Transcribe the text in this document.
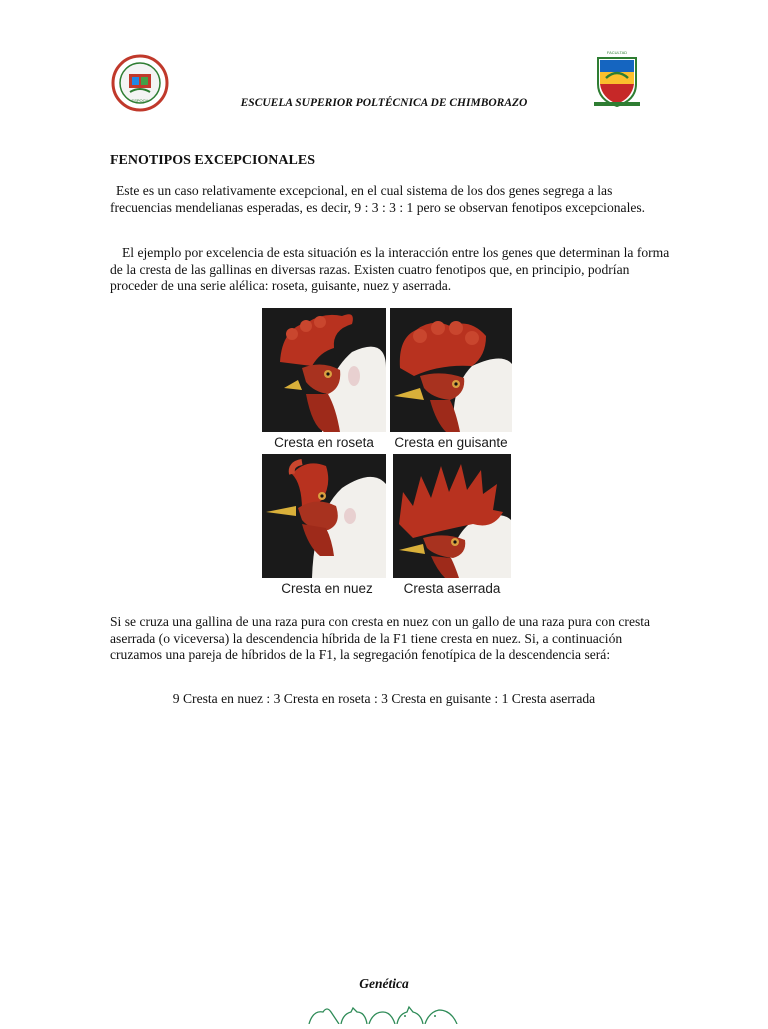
ESPOCH
FACULTAD
ESCUELA SUPERIOR POLTÉCNICA DE CHIMBORAZO
FENOTIPOS EXCEPCIONALES
Este es un caso relativamente excepcional, en el cual sistema de los dos genes segrega a las frecuencias mendelianas esperadas, es decir, 9 : 3 : 3 : 1 pero se observan fenotipos excepcionales.
El ejemplo por excelencia de esta situación es la interacción entre los genes que determinan la forma de la cresta de las gallinas en diversas razas. Existen cuatro fenotipos que, en principio, podrían proceder de una serie alélica: roseta, guisante, nuez y aserrada.
Cresta en roseta	Cresta en guisante
Cresta en nuez	Cresta aserrada
Si se cruza una gallina de una raza pura con cresta en nuez con un gallo de una raza pura con cresta aserrada (o viceversa) la descendencia híbrida de la F1 tiene cresta en nuez. Si, a continuación cruzamos una pareja de híbridos de la F1, la segregación fenotípica de la descendencia será:
9 Cresta en nuez : 3 Cresta en roseta : 3 Cresta en guisante : 1 Cresta aserrada
Genética
